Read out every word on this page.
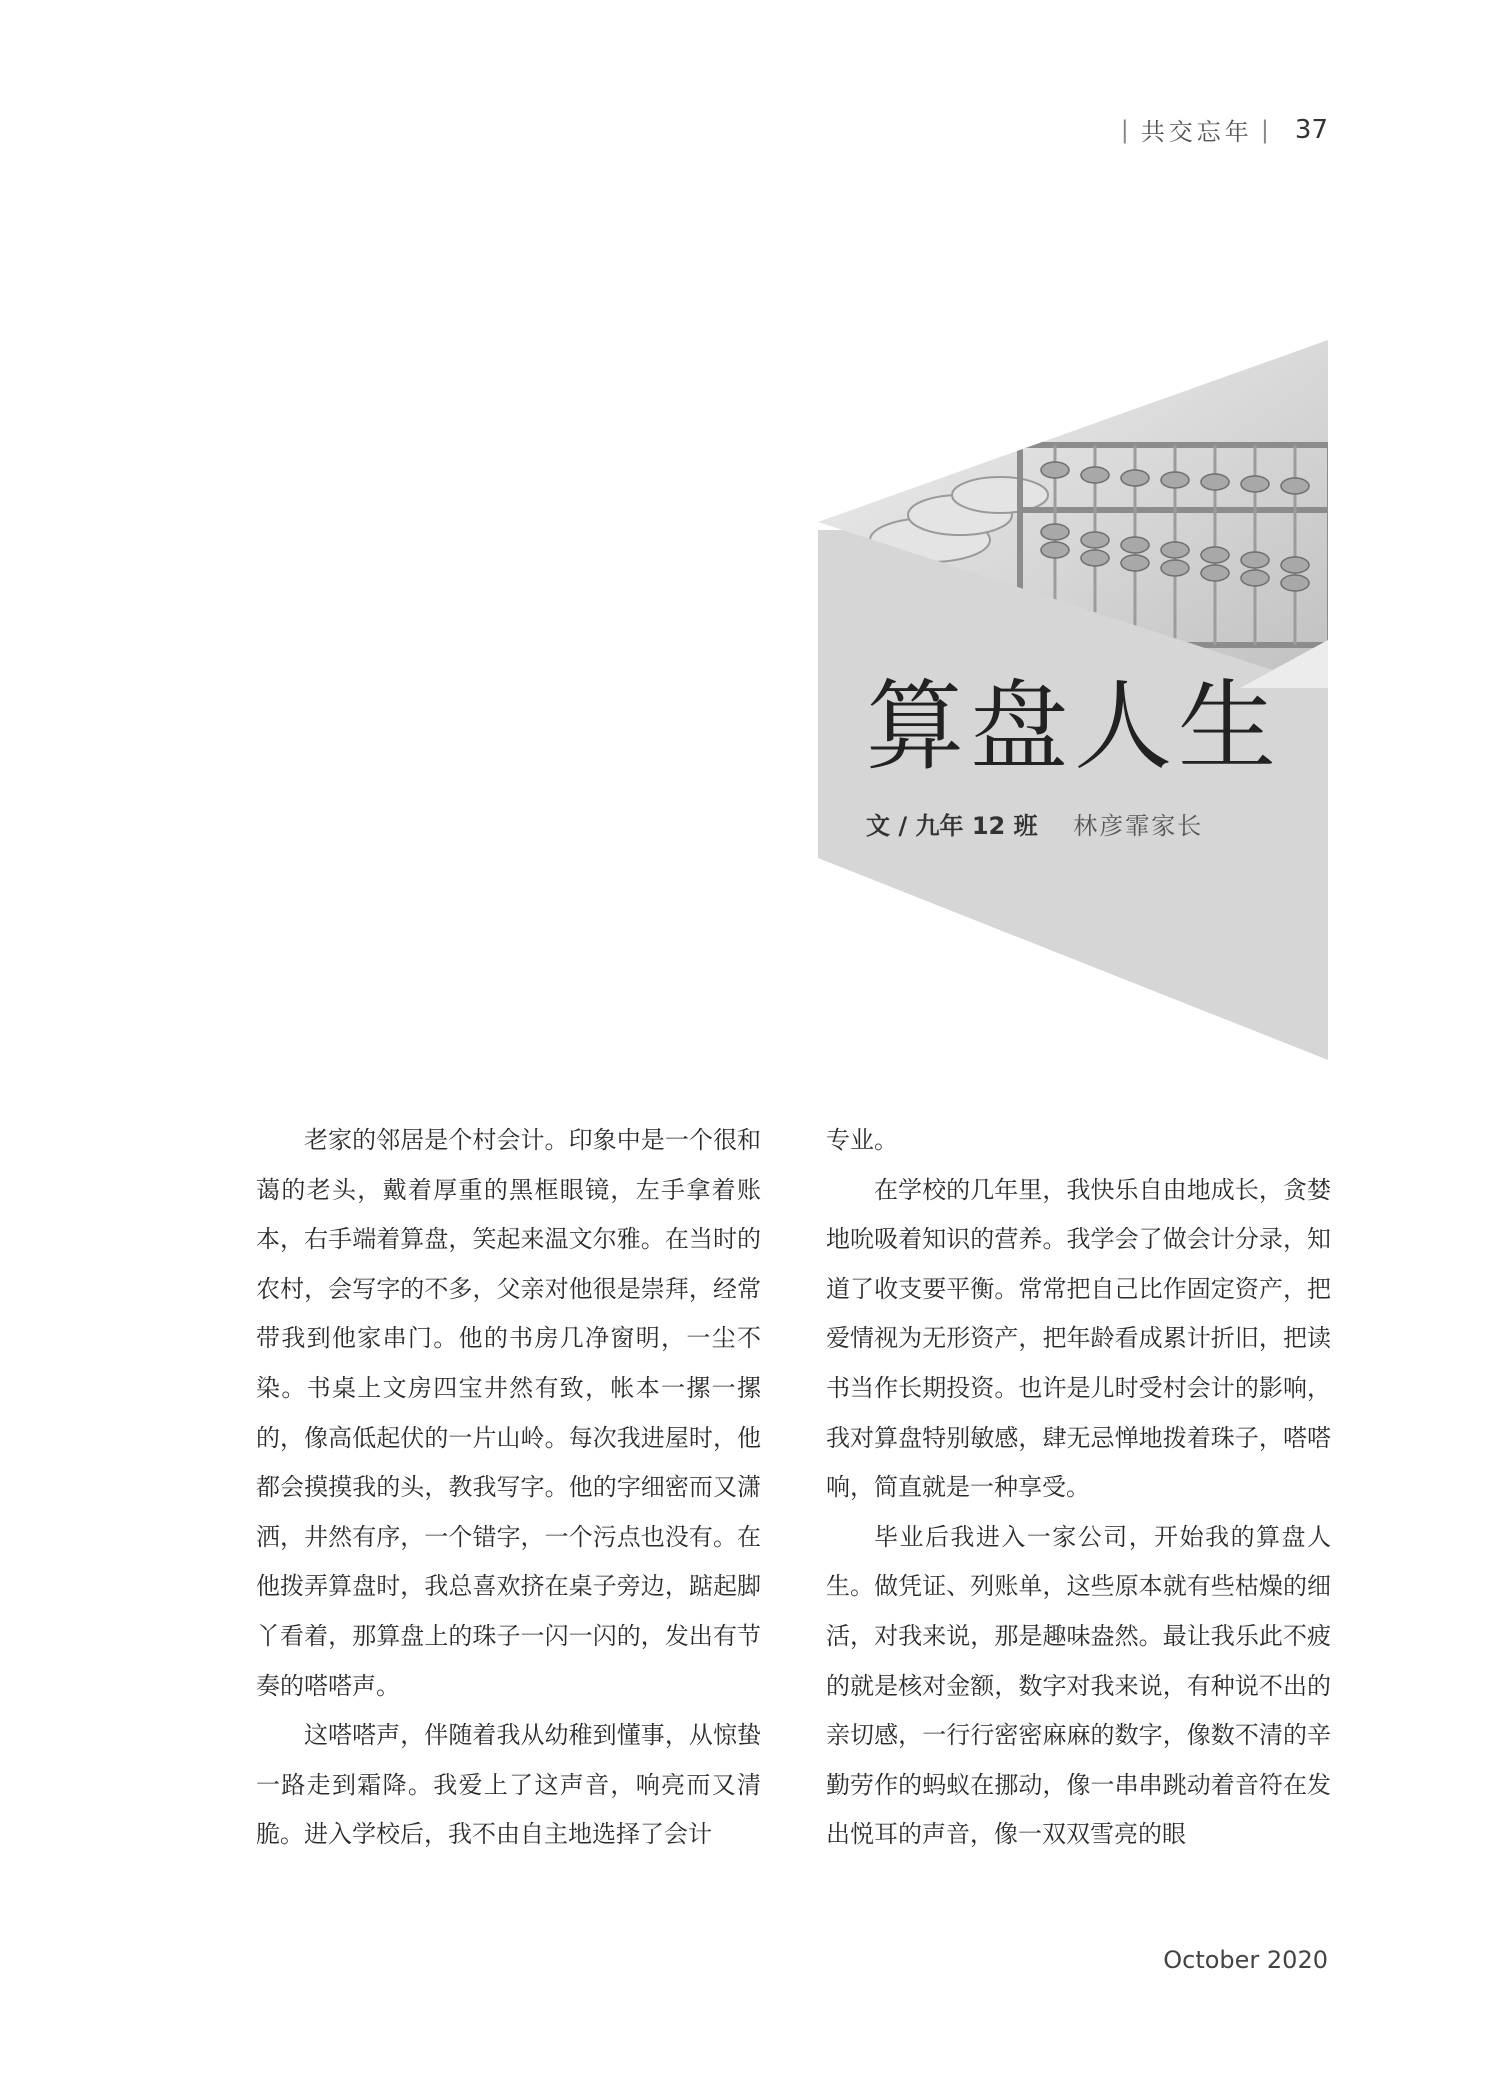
| 共交忘年 | 37
算盘人生
文 / 九年 12 班 林彦霏家长

老家的邻居是个村会计。印象中是一个很和蔼的老头，戴着厚重的黑框眼镜，左手拿着账本，右手端着算盘，笑起来温文尔雅。在当时的农村，会写字的不多，父亲对他很是崇拜，经常带我到他家串门。他的书房几净窗明，一尘不染。书桌上文房四宝井然有致，帐本一摞一摞的，像高低起伏的一片山岭。每次我进屋时，他都会摸摸我的头，教我写字。他的字细密而又潇洒，井然有序，一个错字，一个污点也没有。在他拨弄算盘时，我总喜欢挤在桌子旁边，踮起脚丫看着，那算盘上的珠子一闪一闪的，发出有节奏的嗒嗒声。

这嗒嗒声，伴随着我从幼稚到懂事，从惊蛰一路走到霜降。我爱上了这声音，响亮而又清脆。进入学校后，我不由自主地选择了会计

专业。

在学校的几年里，我快乐自由地成长，贪婪地吮吸着知识的营养。我学会了做会计分录，知道了收支要平衡。常常把自己比作固定资产，把爱情视为无形资产，把年龄看成累计折旧，把读书当作长期投资。也许是儿时受村会计的影响，我对算盘特别敏感，肆无忌惮地拨着珠子，嗒嗒响，简直就是一种享受。

毕业后我进入一家公司，开始我的算盘人生。做凭证、列账单，这些原本就有些枯燥的细活，对我来说，那是趣味盎然。最让我乐此不疲的就是核对金额，数字对我来说，有种说不出的亲切感，一行行密密麻麻的数字，像数不清的辛勤劳作的蚂蚁在挪动，像一串串跳动着音符在发出悦耳的声音，像一双双雪亮的眼

October 2020
